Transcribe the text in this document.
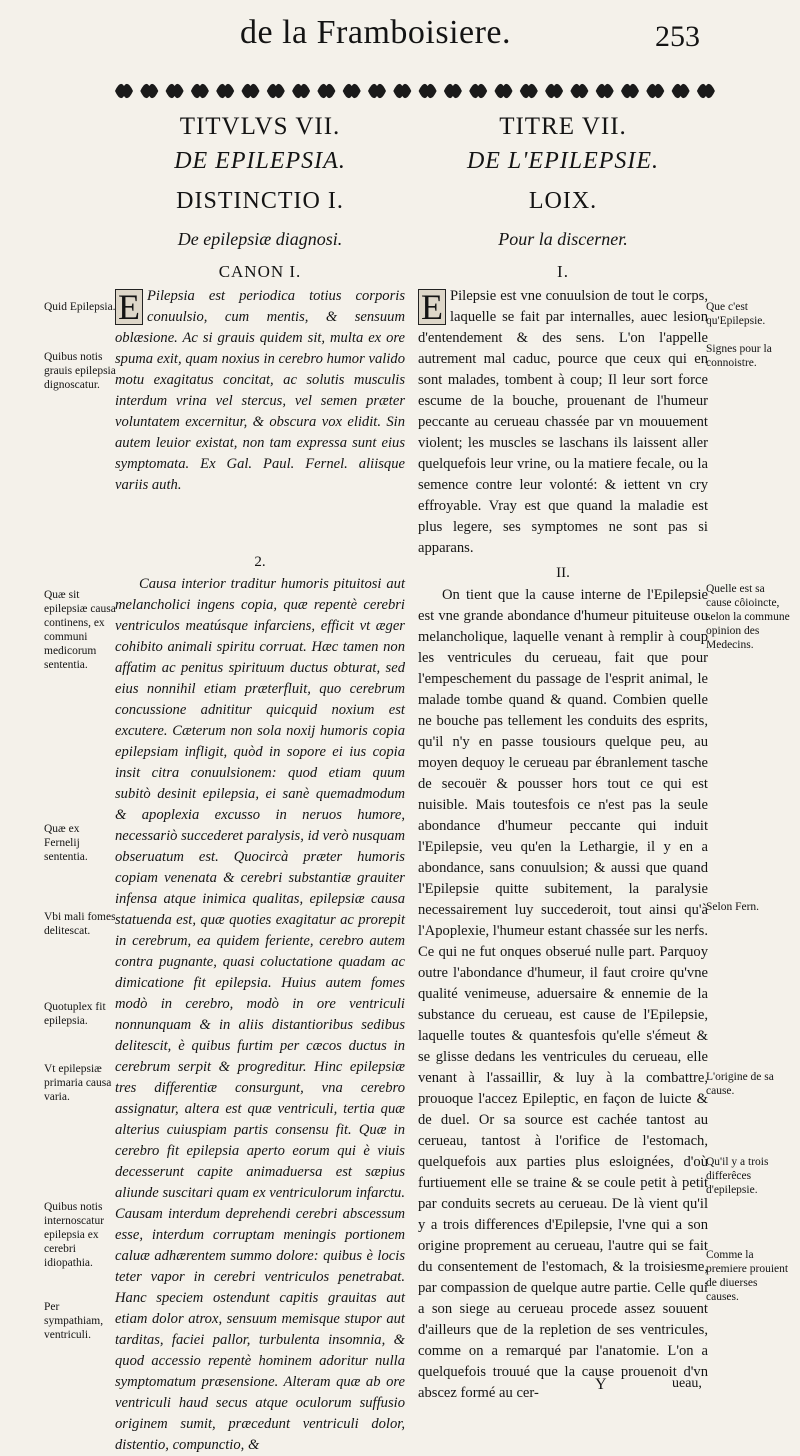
de la Framboisiere.	253

TITVLVS VII.

DE EPILEPSIA.

DISTINCTIO I.

De epilepsiæ diagnosi.

CANON I.

E Pilepsia est periodica totius corporis conuulsio, cum mentis, & sensuum oblæsione. Ac si grauis quidem sit, multa ex ore spuma exit, quam noxius in cerebro humor valido motu exagitatus concitat, ac solutis musculis interdum vrina vel stercus, vel semen præter voluntatem excernitur, & obscura vox elidit. Sin autem leuior existat, non tam expressa sunt eius symptomata. Ex Gal. Paul. Fernel. aliisque variis auth.

2.

Causa interior traditur humoris pituitosi aut melancholici ingens copia, quæ repentè cerebri ventriculos meatúsque infarciens, efficit vt æger cohibito animali spiritu corruat. Hæc tamen non affatim ac penitus spirituum ductus obturat, sed eius nonnihil etiam præterfluit, quo cerebrum concussione adnititur quicquid noxium est excutere. Cæterum non sola noxij humoris copia epilepsiam infligit, quòd in sopore ei ius copia insit citra conuulsionem: quod etiam quum subitò desinit epilepsia, ei sanè quemadmodum & apoplexia excusso in neruos humore, necessariò succederet paralysis, id verò nusquam obseruatum est. Quocircà præter humoris copiam venenata & cerebri substantiæ grauiter infensa atque inimica qualitas, epilepsiæ causa statuenda est, quæ quoties exagitatur ac prorepit in cerebrum, ea quidem feriente, cerebro autem contra pugnante, quasi coluctatione quadam ac dimicatione fit epilepsia. Huius autem fomes modò in cerebro, modò in ore ventriculi nonnunquam & in aliis distantioribus sedibus delitescit, è quibus furtim per cæcos ductus in cerebrum serpit & progreditur. Hinc epilepsiæ tres differentiæ consurgunt, vna cerebro assignatur, altera est quæ ventriculi, tertia quæ alterius cuiuspiam partis consensu fit. Quæ in cerebro fit epilepsia aperto eorum qui è viuis decesserunt capite animaduersa est sæpius aliunde suscitari quam ex ventriculorum infarctu. Causam interdum deprehendi cerebri abscessum esse, interdum corruptam meningis portionem caluæ adhærentem summo dolore: quibus è locis teter vapor in cerebri ventriculos penetrabat. Hanc speciem ostendunt capitis grauitas aut etiam dolor atrox, sensuum memisque stupor aut tarditas, faciei pallor, turbulenta insomnia, & quod accessio repentè hominem adoritur nulla symptomatum præsensione. Alteram quæ ab ore ventriculi haud secus atque oculorum suffusio originem sumit, præcedunt ventriculi dolor, distentio, compunctio, &

TITRE VII.

DE L'EPILEPSIE.

LOIX.

Pour la discerner.

I.

E Pilepsie est vne conuulsion de tout le corps, laquelle se fait par internalles, auec lesion d'entendement & des sens. L'on l'appelle autrement mal caduc, pource que ceux qui en sont malades, tombent à coup; Il leur sort force escume de la bouche, prouenant de l'humeur peccante au cerueau chassée par vn mouuement violent; les muscles se laschans ils laissent aller quelquefois leur vrine, ou la matiere fecale, ou la semence contre leur volonté: & iettent vn cry effroyable. Vray est que quand la maladie est plus legere, ses symptomes ne sont pas si apparans.

II.

On tient que la cause interne de l'Epilepsie est vne grande abondance d'humeur pituiteuse ou melancholique, laquelle venant à remplir à coup les ventricules du cerueau, fait que pour l'empeschement du passage de l'esprit animal, le malade tombe quand & quand. Combien quelle ne bouche pas tellement les conduits des esprits, qu'il n'y en passe tousiours quelque peu, au moyen dequoy le cerueau par ébranlement tasche de secouër & pousser hors tout ce qui est nuisible. Mais toutesfois ce n'est pas la seule abondance d'humeur peccante qui induit l'Epilepsie, veu qu'en la Lethargie, il y en a abondance, sans conuulsion; & aussi que quand l'Epilepsie quitte subitement, la paralysie necessairement luy succederoit, tout ainsi qu'à l'Apoplexie, l'humeur estant chassée sur les nerfs. Ce qui ne fut onques obserué nulle part. Parquoy outre l'abondance d'humeur, il faut croire qu'vne qualité venimeuse, aduersaire & ennemie de la substance du cerueau, est cause de l'Epilepsie, laquelle toutes & quantesfois qu'elle s'émeut & se glisse dedans les ventricules du cerueau, elle venant à l'assaillir, & luy à la combattre, prouoque l'accez Epileptic, en façon de luicte & de duel. Or sa source est cachée tantost au cerueau, tantost à l'orifice de l'estomach, quelquefois aux parties plus esloignées, d'où furtiuement elle se traine & se coule petit à petit par conduits secrets au cerueau. De là vient qu'il y a trois differences d'Epilepsie, l'vne qui a son origine proprement au cerueau, l'autre qui se fait du consentement de l'estomach, & la troisiesme, par compassion de quelque autre partie. Celle qui a son siege au cerueau procede assez souuent d'ailleurs que de la repletion de ses ventricules, comme on a remarqué par l'anatomie. L'on a quelquefois trouué que la cause prouenoit d'vn abscez formé au cer-

Quid Epilepsia.
Quibus notis grauis epilepsia dignoscatur.
Quæ sit epilepsiæ causa continens, ex communi medicorum sententia.
Quæ ex Fernelij sententia.
Vbi mali fomes delitescat.
Quotuplex fit epilepsia.
Vt epilepsiæ primaria causa varia.
Quibus notis internoscatur epilepsia ex cerebri idiopathia.
Per sympathiam, ventriculi.
Que c'est qu'Epilepsie.
Signes pour la connoistre.
Quelle est sa cause côioincte, selon la commune opinion des Medecins.
Selon Fern.
L'origine de sa cause.
Qu'il y a trois differêces d'epilepsie.
Comme la premiere prouient de diuerses causes.
Y	ueau,
